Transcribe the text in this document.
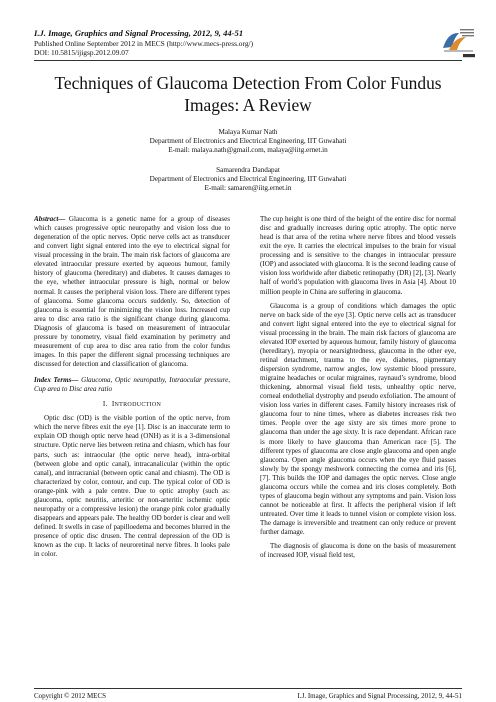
I.J. Image, Graphics and Signal Processing, 2012, 9, 44-51
Published Online September 2012 in MECS (http://www.mecs-press.org/)
DOI: 10.5815/ijigsp.2012.09.07
Techniques of Glaucoma Detection From Color Fundus Images: A Review
Malaya Kumar Nath
Department of Electronics and Electrical Engineering, IIT Guwahati
E-mail: malaya.nath@gmail.com, malaya@iitg.ernet.in
Samarendra Dandapat
Department of Electronics and Electrical Engineering, IIT Guwahati
E-mail: samaren@iitg.ernet.in

Abstract— Glaucoma is a genetic name for a group of diseases which causes progressive optic neuropathy and vision loss due to degeneration of the optic nerves. Optic nerve cells act as transducer and convert light signal entered into the eye to electrical signal for visual processing in the brain. The main risk factors of glaucoma are elevated intraocular pressure exerted by aqueous humour, family history of glaucoma (hereditary) and diabetes. It causes damages to the eye, whether intraocular pressure is high, normal or below normal. It causes the peripheral vision loss. There are different types of glaucoma. Some glaucoma occurs suddenly. So, detection of glaucoma is essential for minimizing the vision loss. Increased cup area to disc area ratio is the significant change during glaucoma. Diagnosis of glaucoma is based on measurement of intraocular pressure by tonometry, visual field examination by perimetry and measurement of cup area to disc area ratio from the color fundus images. In this paper the different signal processing techniques are discussed for detection and classification of glaucoma.

Index Terms— Glaucoma, Optic neuropathy, Intraocular pressure, Cup area to Disc area ratio

I. INTRODUCTION

Optic disc (OD) is the visible portion of the optic nerve, from which the nerve fibres exit the eye [1]. Disc is an inaccurate term to explain OD though optic nerve head (ONH) as it is a 3-dimensional structure. Optic nerve lies between retina and chiasm, which has four parts, such as: intraocular (the optic nerve head), intra-orbital (between globe and optic canal), intracanalicular (within the optic canal), and intracranial (between optic canal and chiasm). The OD is characterized by color, contour, and cup. The typical color of OD is orange-pink with a pale centre. Due to optic atrophy (such as: glaucoma, optic neuritis, arteritic or non-arteritic ischemic optic neuropathy or a compressive lesion) the orange pink color gradually disappears and appears pale. The healthy OD border is clear and well defined. It swells in case of papilloedema and becomes blurred in the presence of optic disc drusen. The central depression of the OD is known as the cup. It lacks of neuroretinal nerve fibres. It looks pale in color.

The cup height is one third of the height of the entire disc for normal disc and gradually increases during optic atrophy. The optic nerve head is that area of the retina where nerve fibres and blood vessels exit the eye. It carries the electrical impulses to the brain for visual processing and is sensitive to the changes in intraocular pressure (IOP) and associated with glaucoma. It is the second leading cause of vision loss worldwide after diabetic retinopathy (DR) [2], [3]. Nearly half of world’s population with glaucoma lives in Asia [4]. About 10 million people in China are suffering in glaucoma.

Glaucoma is a group of conditions which damages the optic nerve on back side of the eye [3]. Optic nerve cells act as transducer and convert light signal entered into the eye to electrical signal for visual processing in the brain. The main risk factors of glaucoma are elevated IOP exerted by aqueous humour, family history of glaucoma (hereditary), myopia or nearsightedness, glaucoma in the other eye, retinal detachment, trauma to the eye, diabetes, pigmentary dispersion syndrome, narrow angles, low systemic blood pressure, migraine headaches or ocular migraines, raynaud’s syndrome, blood thickening, abnormal visual field tests, unhealthy optic nerve, corneal endothelial dystrophy and pseudo exfoliation. The amount of vision loss varies in different cases. Family history increases risk of glaucoma four to nine times, where as diabetes increases risk two times. People over the age sixty are six times more prone to glaucoma than under the age sixty. It is race dependant. African race is more likely to have glaucoma than American race [5]. The different types of glaucoma are close angle glaucoma and open angle glaucoma. Open angle glaucoma occurs when the eye fluid passes slowly by the spongy meshwork connecting the cornea and iris [6], [7]. This builds the IOP and damages the optic nerves. Close angle glaucoma occurs while the cornea and iris closes completely. Both types of glaucoma begin without any symptoms and pain. Vision loss cannot be noticeable at first. It affects the peripheral vision if left untreated. Over time it leads to tunnel vision or complete vision loss. The damage is irreversible and treatment can only reduce or prevent further damage.

The diagnosis of glaucoma is done on the basis of measurement of increased IOP, visual field test,

Copyright © 2012 MECS	I.J. Image, Graphics and Signal Processing, 2012, 9, 44-51
